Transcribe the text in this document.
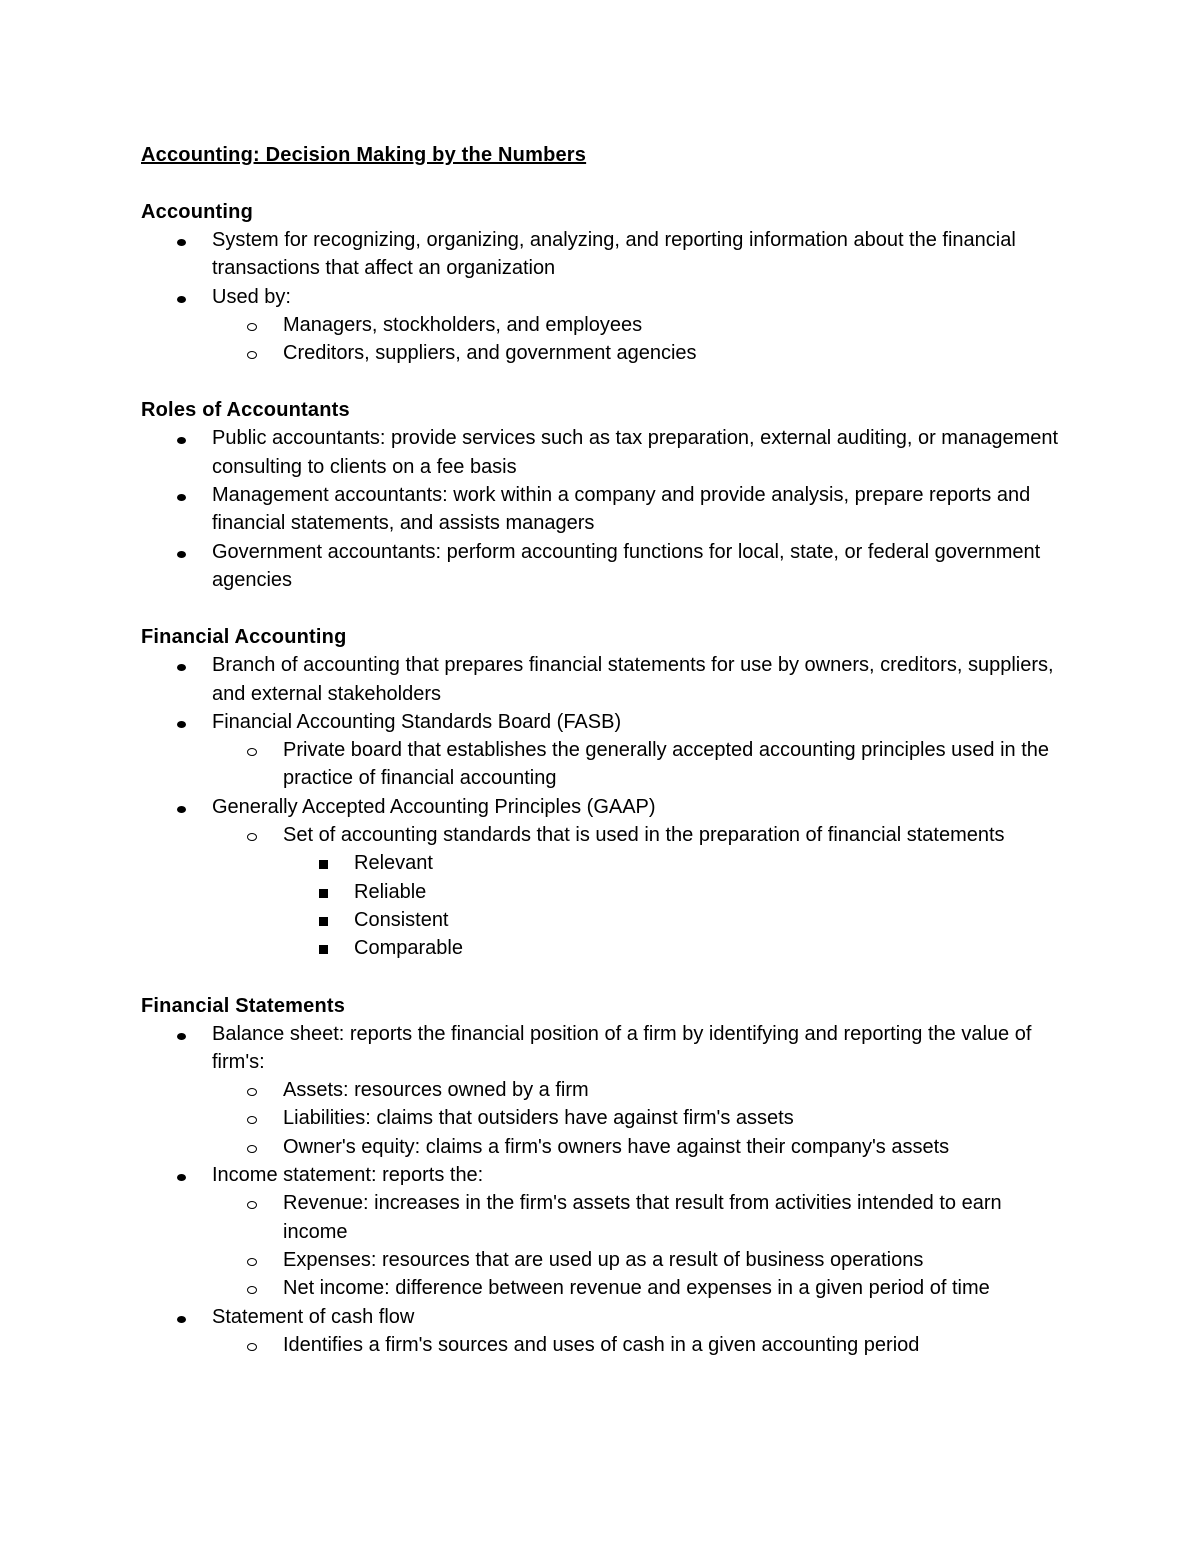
Accounting: Decision Making by the Numbers
Accounting
System for recognizing, organizing, analyzing, and reporting information about the financial transactions that affect an organization
Used by:
Managers, stockholders, and employees
Creditors, suppliers, and government agencies
Roles of Accountants
Public accountants: provide services such as tax preparation, external auditing, or management consulting to clients on a fee basis
Management accountants: work within a company and provide analysis, prepare reports and financial statements, and assists managers
Government accountants: perform accounting functions for local, state, or federal government agencies
Financial Accounting
Branch of accounting that prepares financial statements for use by owners, creditors, suppliers, and external stakeholders
Financial Accounting Standards Board (FASB)
Private board that establishes the generally accepted accounting principles used in the practice of financial accounting
Generally Accepted Accounting Principles (GAAP)
Set of accounting standards that is used in the preparation of financial statements
Relevant
Reliable
Consistent
Comparable
Financial Statements
Balance sheet: reports the financial position of a firm by identifying and reporting the value of firm's:
Assets: resources owned by a firm
Liabilities: claims that outsiders have against firm's assets
Owner's equity: claims a firm's owners have against their company's assets
Income statement: reports the:
Revenue: increases in the firm's assets that result from activities intended to earn income
Expenses: resources that are used up as a result of business operations
Net income: difference between revenue and expenses in a given period of time
Statement of cash flow
Identifies a firm's sources and uses of cash in a given accounting period
